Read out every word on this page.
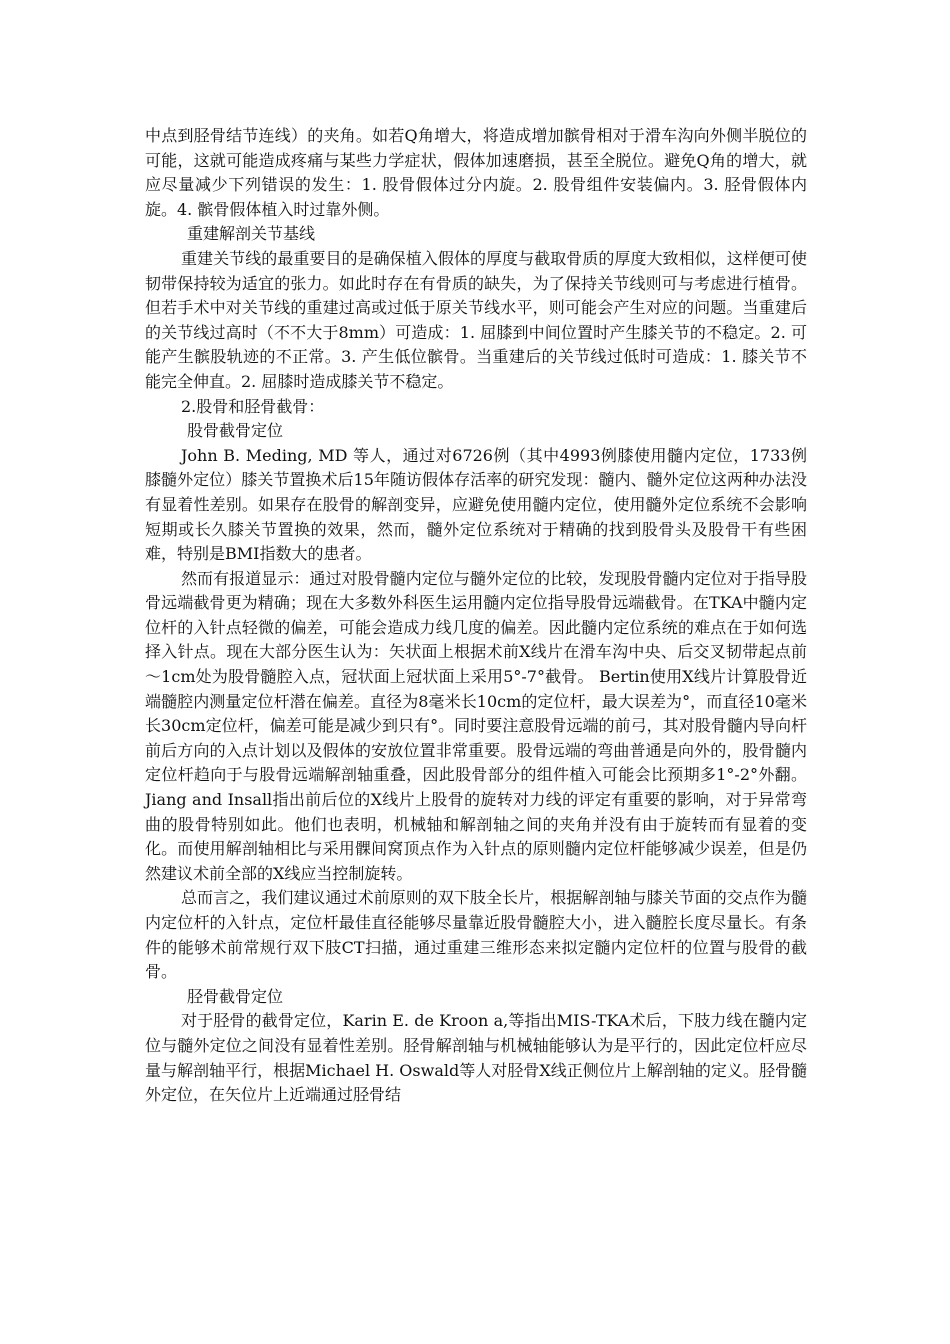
中点到胫骨结节连线）的夹角。如若Q角增大，将造成增加髌骨相对于滑车沟向外侧半脱位的可能，这就可能造成疼痛与某些力学症状，假体加速磨损，甚至全脱位。避免Q角的增大，就应尽量减少下列错误的发生：1. 股骨假体过分内旋。2. 股骨组件安装偏内。3. 胫骨假体内旋。4. 髌骨假体植入时过靠外侧。

重建解剖关节基线

重建关节线的最重要目的是确保植入假体的厚度与截取骨质的厚度大致相似，这样便可使韧带保持较为适宜的张力。如此时存在有骨质的缺失，为了保持关节线则可与考虑进行植骨。但若手术中对关节线的重建过高或过低于原关节线水平，则可能会产生对应的问题。当重建后的关节线过高时（不不大于8mm）可造成：1. 屈膝到中间位置时产生膝关节的不稳定。2. 可能产生髌股轨迹的不正常。3. 产生低位髌骨。当重建后的关节线过低时可造成：1. 膝关节不能完全伸直。2. 屈膝时造成膝关节不稳定。

2.股骨和胫骨截骨：

股骨截骨定位

John B. Meding, MD 等人，通过对6726例（其中4993例膝使用髓内定位，1733例膝髓外定位）膝关节置换术后15年随访假体存活率的研究发现：髓内、髓外定位这两种办法没有显着性差别。如果存在股骨的解剖变异，应避免使用髓内定位，使用髓外定位系统不会影响短期或长久膝关节置换的效果，然而，髓外定位系统对于精确的找到股骨头及股骨干有些困难，特别是BMI指数大的患者。

然而有报道显示：通过对股骨髓内定位与髓外定位的比较，发现股骨髓内定位对于指导股骨远端截骨更为精确；现在大多数外科医生运用髓内定位指导股骨远端截骨。在TKA中髓内定位杆的入针点轻微的偏差，可能会造成力线几度的偏差。因此髓内定位系统的难点在于如何选择入针点。现在大部分医生认为：矢状面上根据术前X线片在滑车沟中央、后交叉韧带起点前～1cm处为股骨髓腔入点，冠状面上冠状面上采用5°-7°截骨。 Bertin使用X线片计算股骨近端髓腔内测量定位杆潜在偏差。直径为8毫米长10cm的定位杆，最大误差为°，而直径10毫米长30cm定位杆，偏差可能是减少到只有°。同时要注意股骨远端的前弓，其对股骨髓内导向杆前后方向的入点计划以及假体的安放位置非常重要。股骨远端的弯曲普通是向外的，股骨髓内定位杆趋向于与股骨远端解剖轴重叠，因此股骨部分的组件植入可能会比预期多1°-2°外翻。Jiang and Insall指出前后位的X线片上股骨的旋转对力线的评定有重要的影响，对于异常弯曲的股骨特别如此。他们也表明，机械轴和解剖轴之间的夹角并没有由于旋转而有显着的变化。而使用解剖轴相比与采用髁间窝顶点作为入针点的原则髓内定位杆能够减少误差，但是仍然建议术前全部的X线应当控制旋转。

总而言之，我们建议通过术前原则的双下肢全长片，根据解剖轴与膝关节面的交点作为髓内定位杆的入针点，定位杆最佳直径能够尽量靠近股骨髓腔大小，进入髓腔长度尽量长。有条件的能够术前常规行双下肢CT扫描，通过重建三维形态来拟定髓内定位杆的位置与股骨的截骨。

胫骨截骨定位

对于胫骨的截骨定位，Karin E. de Kroon a,等指出MIS-TKA术后，下肢力线在髓内定位与髓外定位之间没有显着性差别。胫骨解剖轴与机械轴能够认为是平行的，因此定位杆应尽量与解剖轴平行，根据Michael H. Oswald等人对胫骨X线正侧位片上解剖轴的定义。胫骨髓外定位，在矢位片上近端通过胫骨结
